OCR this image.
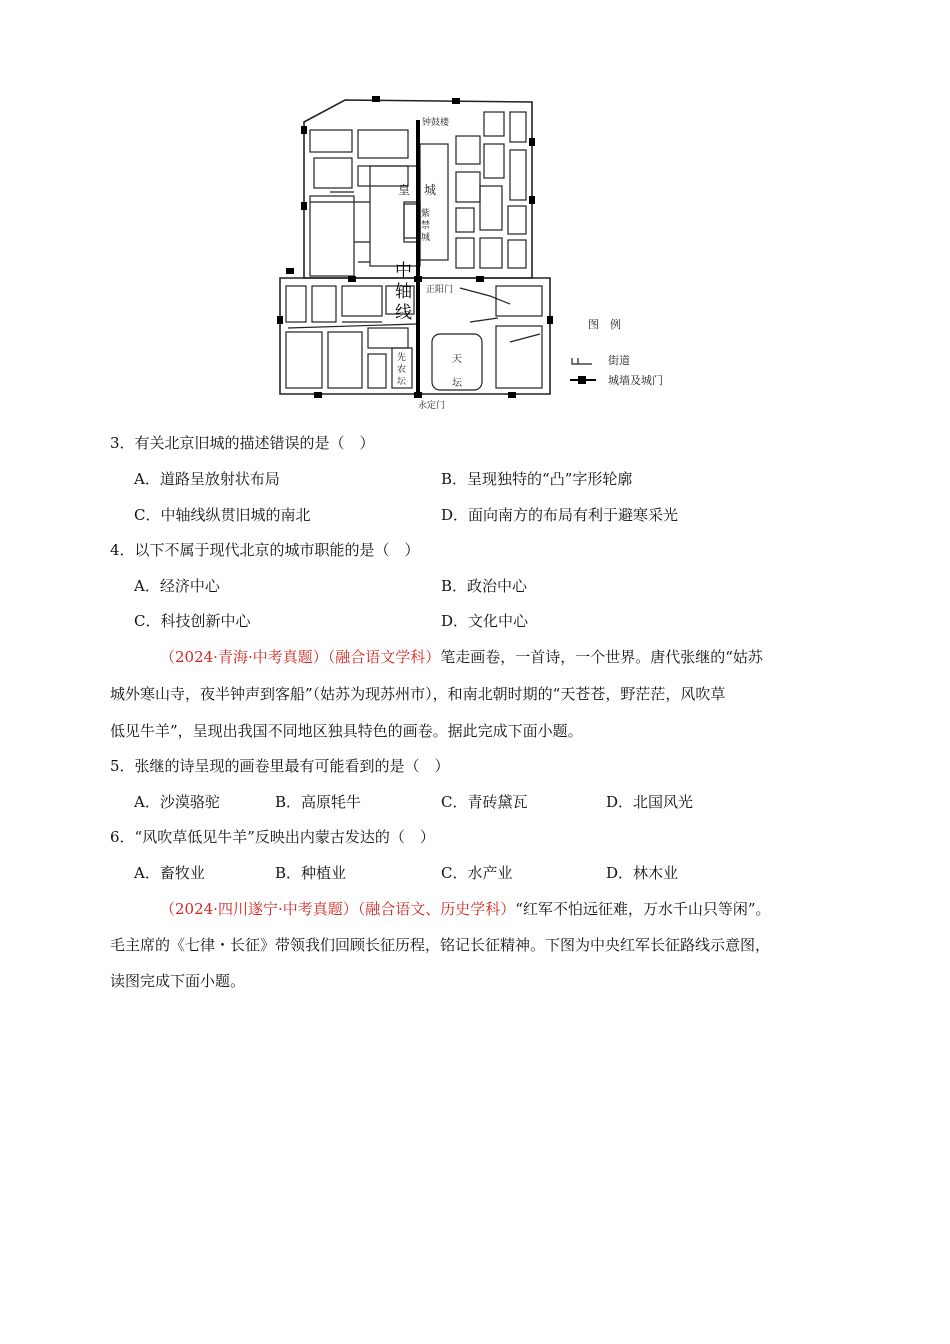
钟鼓楼
皇 城
紫
禁
城
中
轴
线
正阳门
先
农
坛
天
坛
永定门
图　例
街道
城墙及城门
3．有关北京旧城的描述错误的是（　）
A．道路呈放射状布局	B．呈现独特的“凸”字形轮廓
C．中轴线纵贯旧城的南北	D．面向南方的布局有利于避寒采光
4．以下不属于现代北京的城市职能的是（　）
A．经济中心	B．政治中心
C．科技创新中心	D．文化中心
（2024·青海·中考真题）（融合语文学科）笔走画卷，一首诗，一个世界。唐代张继的“姑苏
城外寒山寺，夜半钟声到客船”（姑苏为现苏州市），和南北朝时期的“天苍苍，野茫茫，风吹草
低见牛羊”，呈现出我国不同地区独具特色的画卷。据此完成下面小题。
5．张继的诗呈现的画卷里最有可能看到的是（　）
A．沙漠骆驼	B．高原牦牛	C．青砖黛瓦	D．北国风光
6．“风吹草低见牛羊”反映出内蒙古发达的（　）
A．畜牧业	B．种植业	C．水产业	D．林木业
（2024·四川遂宁·中考真题）（融合语文、历史学科）“红军不怕远征难，万水千山只等闲”。
毛主席的《七律・长征》带领我们回顾长征历程，铭记长征精神。下图为中央红军长征路线示意图，
读图完成下面小题。
